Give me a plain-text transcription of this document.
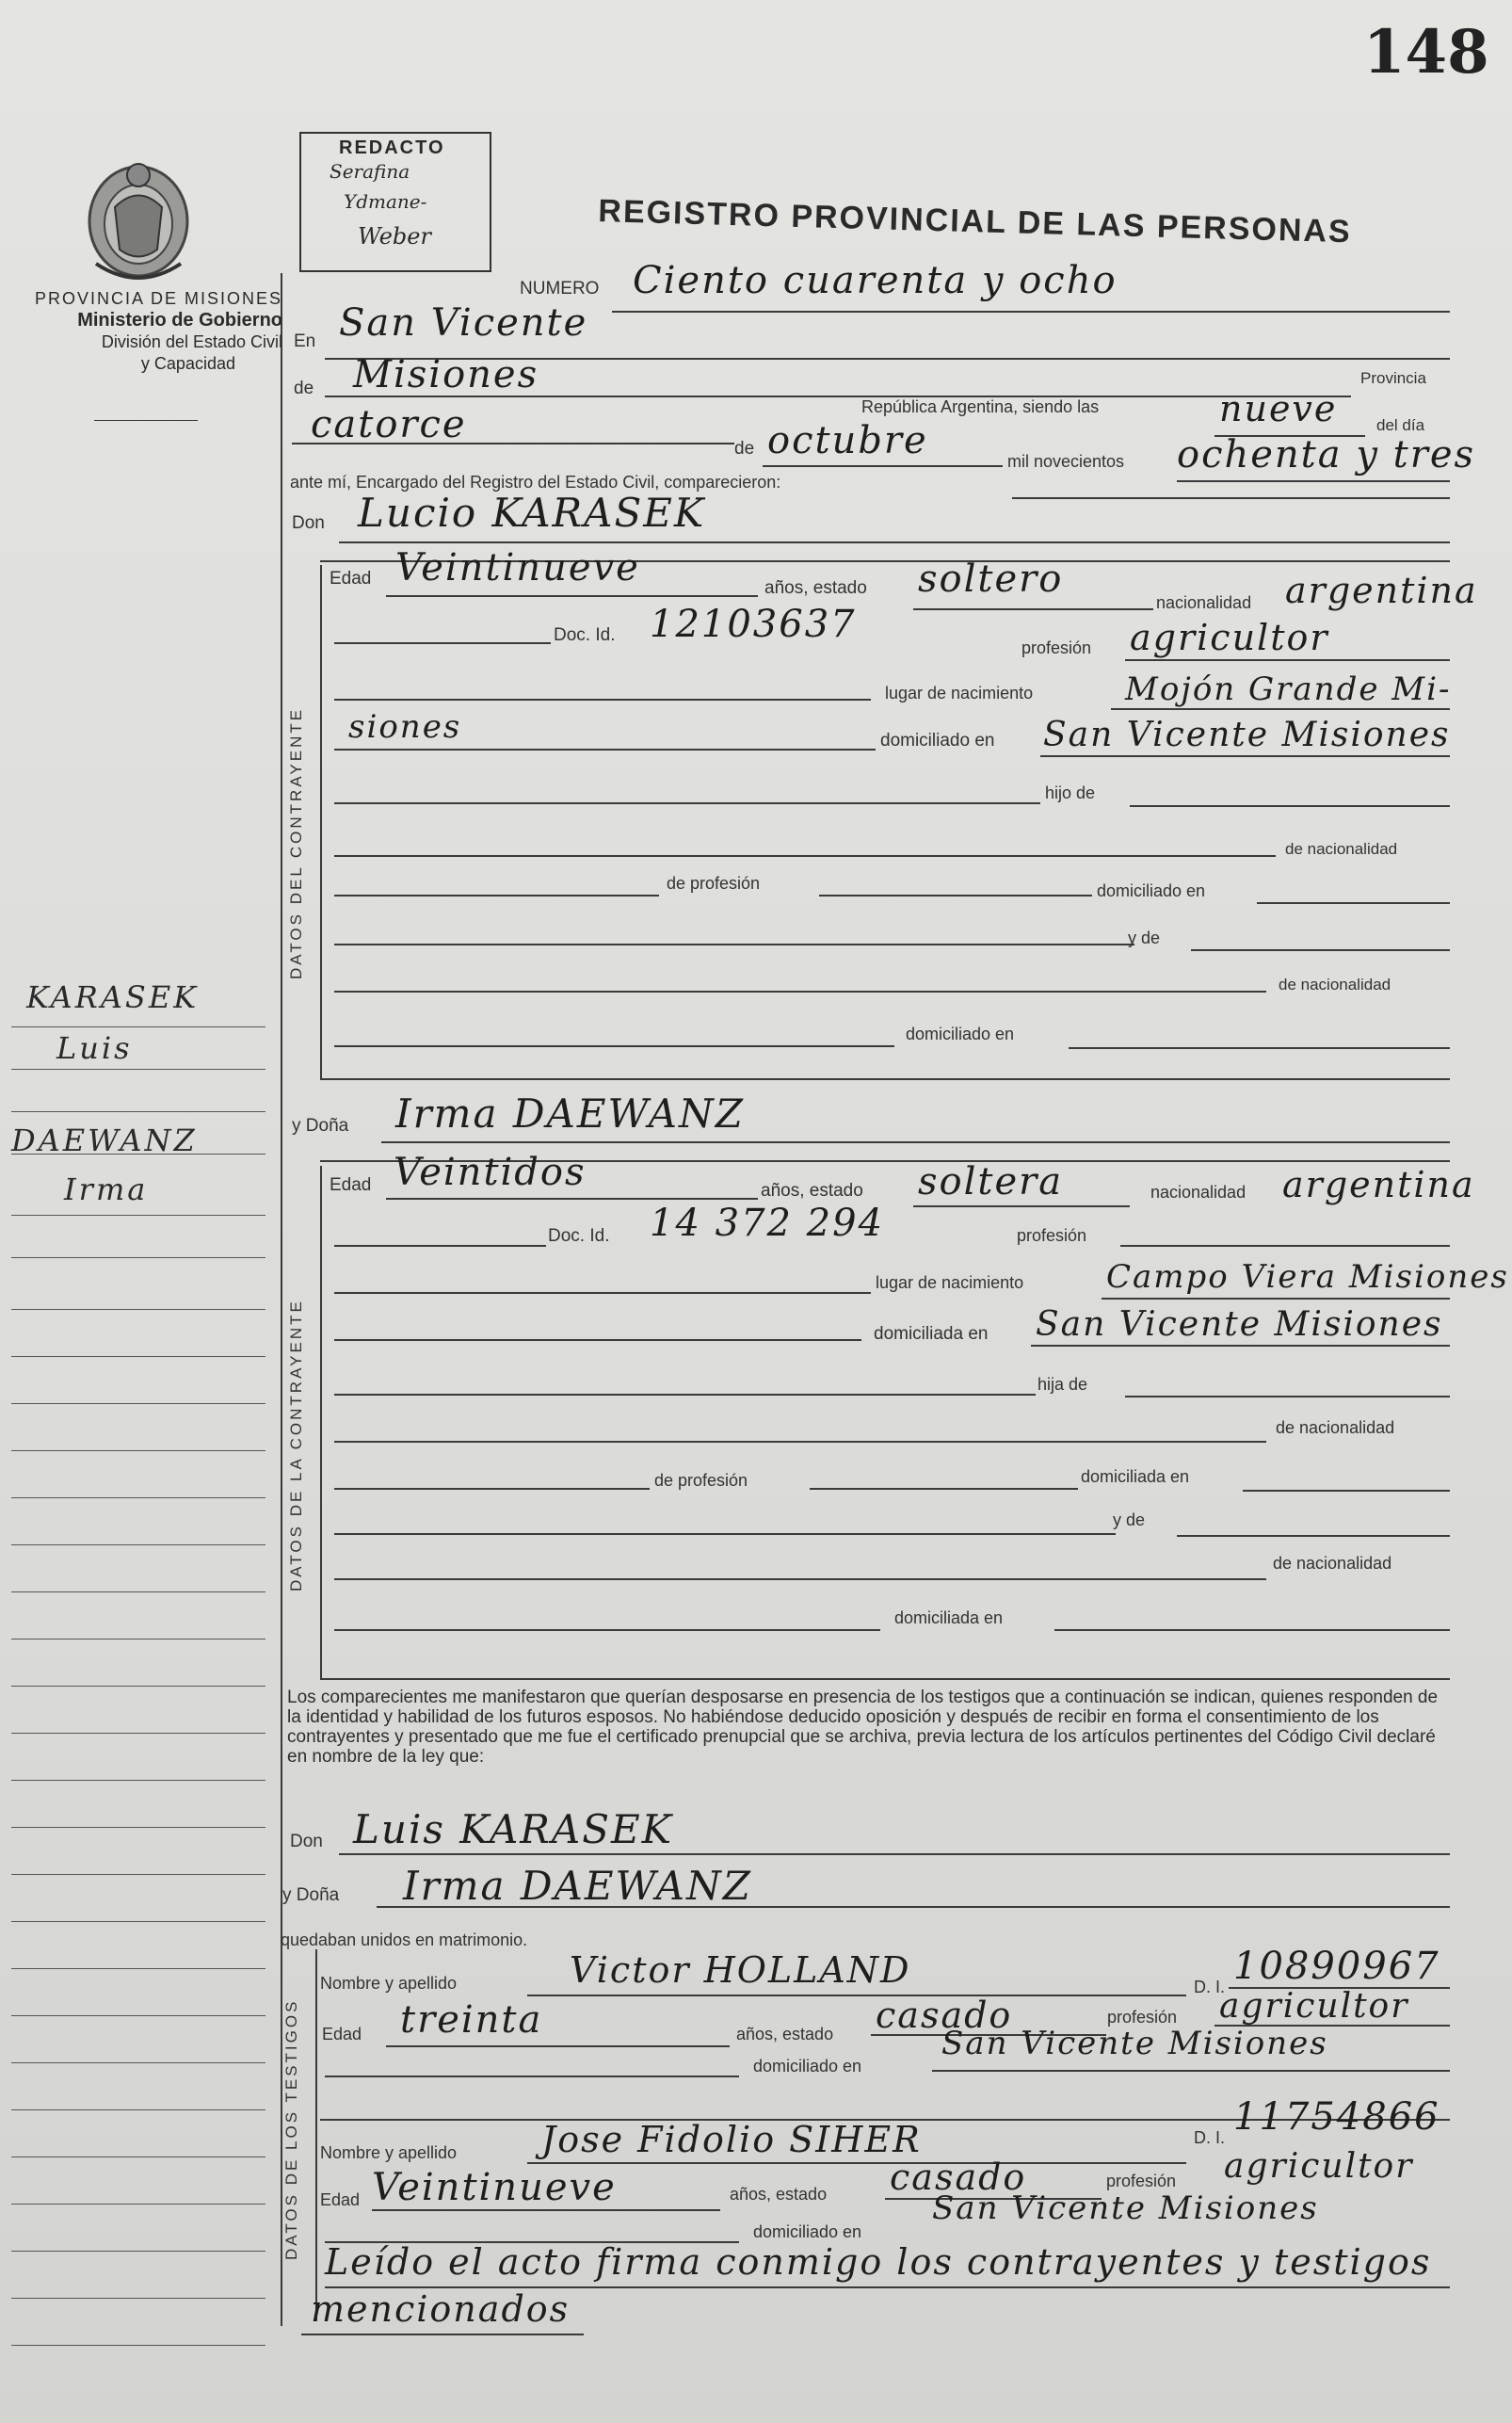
148
PROVINCIA DE MISIONES
Ministerio de Gobierno
División del Estado Civil
y Capacidad
REDACTO
Serafina
Ydmane-
Weber	REGISTRO PROVINCIAL DE LAS PERSONAS
NUMERO Ciento cuarenta y ocho
En San Vicente
de Misiones	Provincia
catorce	República Argentina, siendo las	nueve del día
de octubre	mil novecientos ochenta y tres
ante mí, Encargado del Registro del Estado Civil, comparecieron:
Don Lucio KARASEK
DATOS DEL CONTRAYENTE
Edad Veintinueve	años, estado soltero
nacionalidad argentina
Doc. Id. 12103637
profesión agricultor
lugar de nacimiento	Mojón Grande Mi-
siones	domiciliado en San Vicente Misiones
hijo de
de nacionalidad
de profesión	domiciliado en
y de
de nacionalidad
domiciliado en
y Doña Irma DAEWANZ
DATOS DE LA CONTRAYENTE
Edad Veintidos	años, estado soltera	nacionalidad argentina
Doc. Id. 14 372 294	profesión
lugar de nacimiento	Campo Viera Misiones
domiciliada en San Vicente Misiones
hija de
de nacionalidad
de profesión	domiciliada en
y de
de nacionalidad
domiciliada en
Los comparecientes me manifestaron que querían desposarse en presencia de los testigos que a continuación se indican, quienes responden de la identidad y habilidad de los futuros esposos. No habiéndose deducido oposición y después de recibir en forma el consentimiento de los contrayentes y presentado que me fue el certificado prenupcial que se archiva, previa lectura de los artículos pertinentes del Código Civil declaré en nombre de la ley que:
Don Luis KARASEK
y Doña Irma DAEWANZ
quedaban unidos en matrimonio.
DATOS DE LOS TESTIGOS
Nombre y apellido	Victor HOLLAND	D. I. 10890967
Edad treinta	años, estado casado	profesión agricultor
domiciliado en
San Vicente Misiones
Nombre y apellido Jose Fidolio SIHER	D. I. 11754866
Edad Veintinueve	años, estado casado	profesión agricultor
domiciliado en
San Vicente Misiones
Leído el acto firma conmigo los contrayentes y testigos
mencionados
KARASEK
Luis
DAEWANZ
Irma
